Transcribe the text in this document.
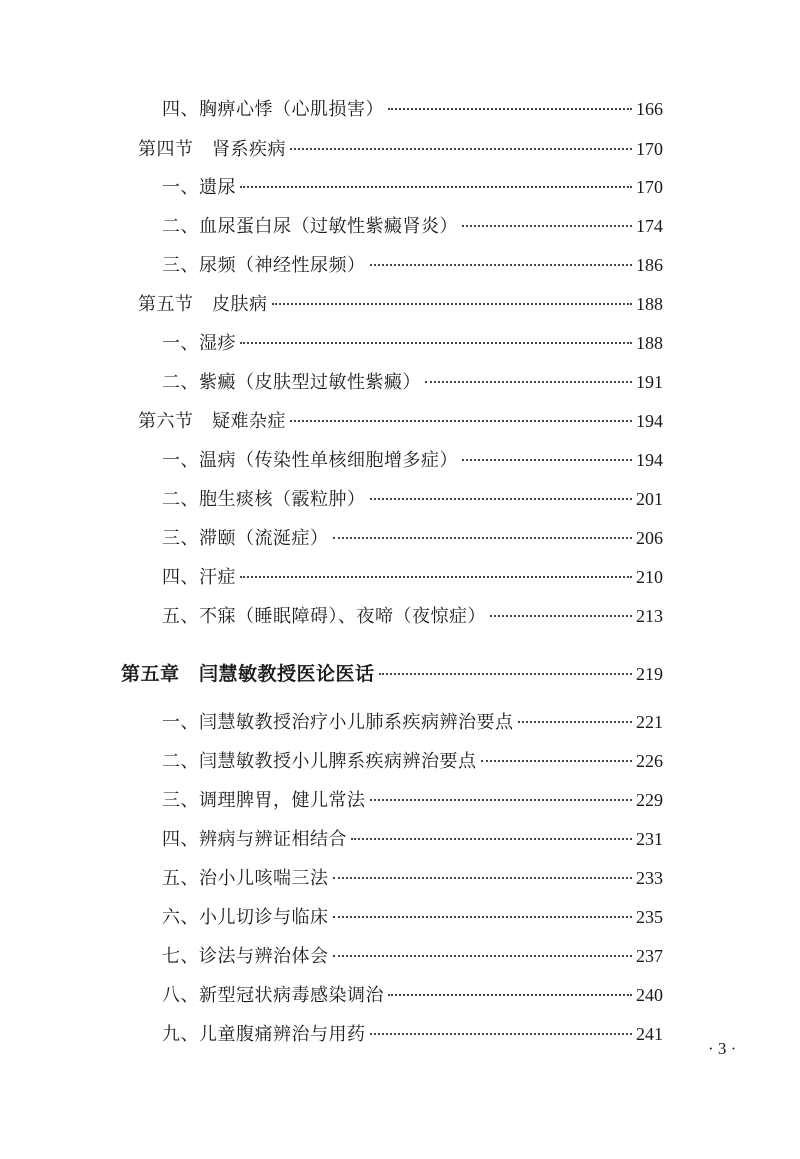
四、胸痹心悸（心肌损害）	166
第四节　肾系疾病	170
一、遗尿	170
二、血尿蛋白尿（过敏性紫癜肾炎）	174
三、尿频（神经性尿频）	186
第五节　皮肤病	188
一、湿疹	188
二、紫癜（皮肤型过敏性紫癜）	191
第六节　疑难杂症	194
一、温病（传染性单核细胞增多症）	194
二、胞生痰核（霰粒肿）	201
三、滞颐（流涎症）	206
四、汗症	210
五、不寐（睡眠障碍）、夜啼（夜惊症）	213
第五章　闫慧敏教授医论医话	219
一、闫慧敏教授治疗小儿肺系疾病辨治要点	221
二、闫慧敏教授小儿脾系疾病辨治要点	226
三、调理脾胃，健儿常法	229
四、辨病与辨证相结合	231
五、治小儿咳喘三法	233
六、小儿切诊与临床	235
七、诊法与辨治体会	237
八、新型冠状病毒感染调治	240
九、儿童腹痛辨治与用药	241
· 3 ·
